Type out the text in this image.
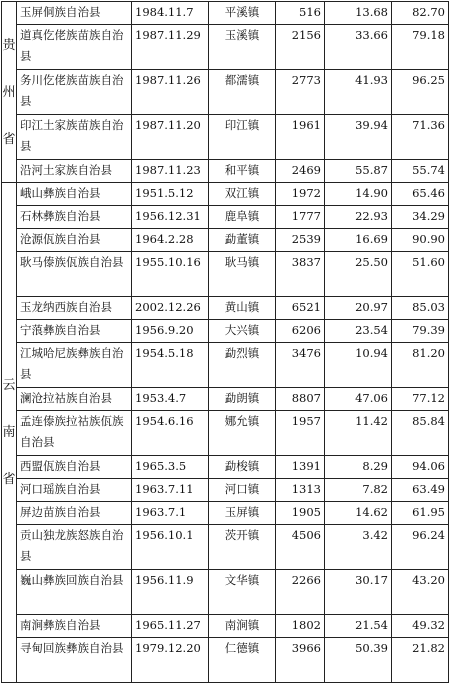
贵
州
省	玉屏侗族自治县	1984.11.7	平溪镇	516	13.68	82.70
	道真仡佬族苗族自治县	1987.11.29	玉溪镇	2156	33.66	79.18
	务川仡佬族苗族自治县	1987.11.26	都濡镇	2773	41.93	96.25
	印江土家族苗族自治县	1987.11.20	印江镇	1961	39.94	71.36
	沿河土家族自治县	1987.11.23	和平镇	2469	55.87	55.74

云
南
省	峨山彝族自治县	1951.5.12	双江镇	1972	14.90	65.46
	石林彝族自治县	1956.12.31	鹿阜镇	1777	22.93	34.29
	沧源佤族自治县	1964.2.28	勐董镇	2539	16.69	90.90
	耿马傣族佤族自治县	1955.10.16	耿马镇	3837	25.50	51.60
	玉龙纳西族自治县	2002.12.26	黄山镇	6521	20.97	85.03
	宁蒗彝族自治县	1956.9.20	大兴镇	6206	23.54	79.39
	江城哈尼族彝族自治县	1954.5.18	勐烈镇	3476	10.94	81.20
	澜沧拉祜族自治县	1953.4.7	勐朗镇	8807	47.06	77.12
	孟连傣族拉祜族佤族自治县	1954.6.16	娜允镇	1957	11.42	85.84
	西盟佤族自治县	1965.3.5	勐梭镇	1391	8.29	94.06
	河口瑶族自治县	1963.7.11	河口镇	1313	7.82	63.49
	屏边苗族自治县	1963.7.1	玉屏镇	1905	14.62	61.95
	贡山独龙族怒族自治县	1956.10.1	茨开镇	4506	3.42	96.24
	巍山彝族回族自治县	1956.11.9	文华镇	2266	30.17	43.20
	南涧彝族自治县	1965.11.27	南涧镇	1802	21.54	49.32
	寻甸回族彝族自治县	1979.12.20	仁德镇	3966	50.39	21.82
